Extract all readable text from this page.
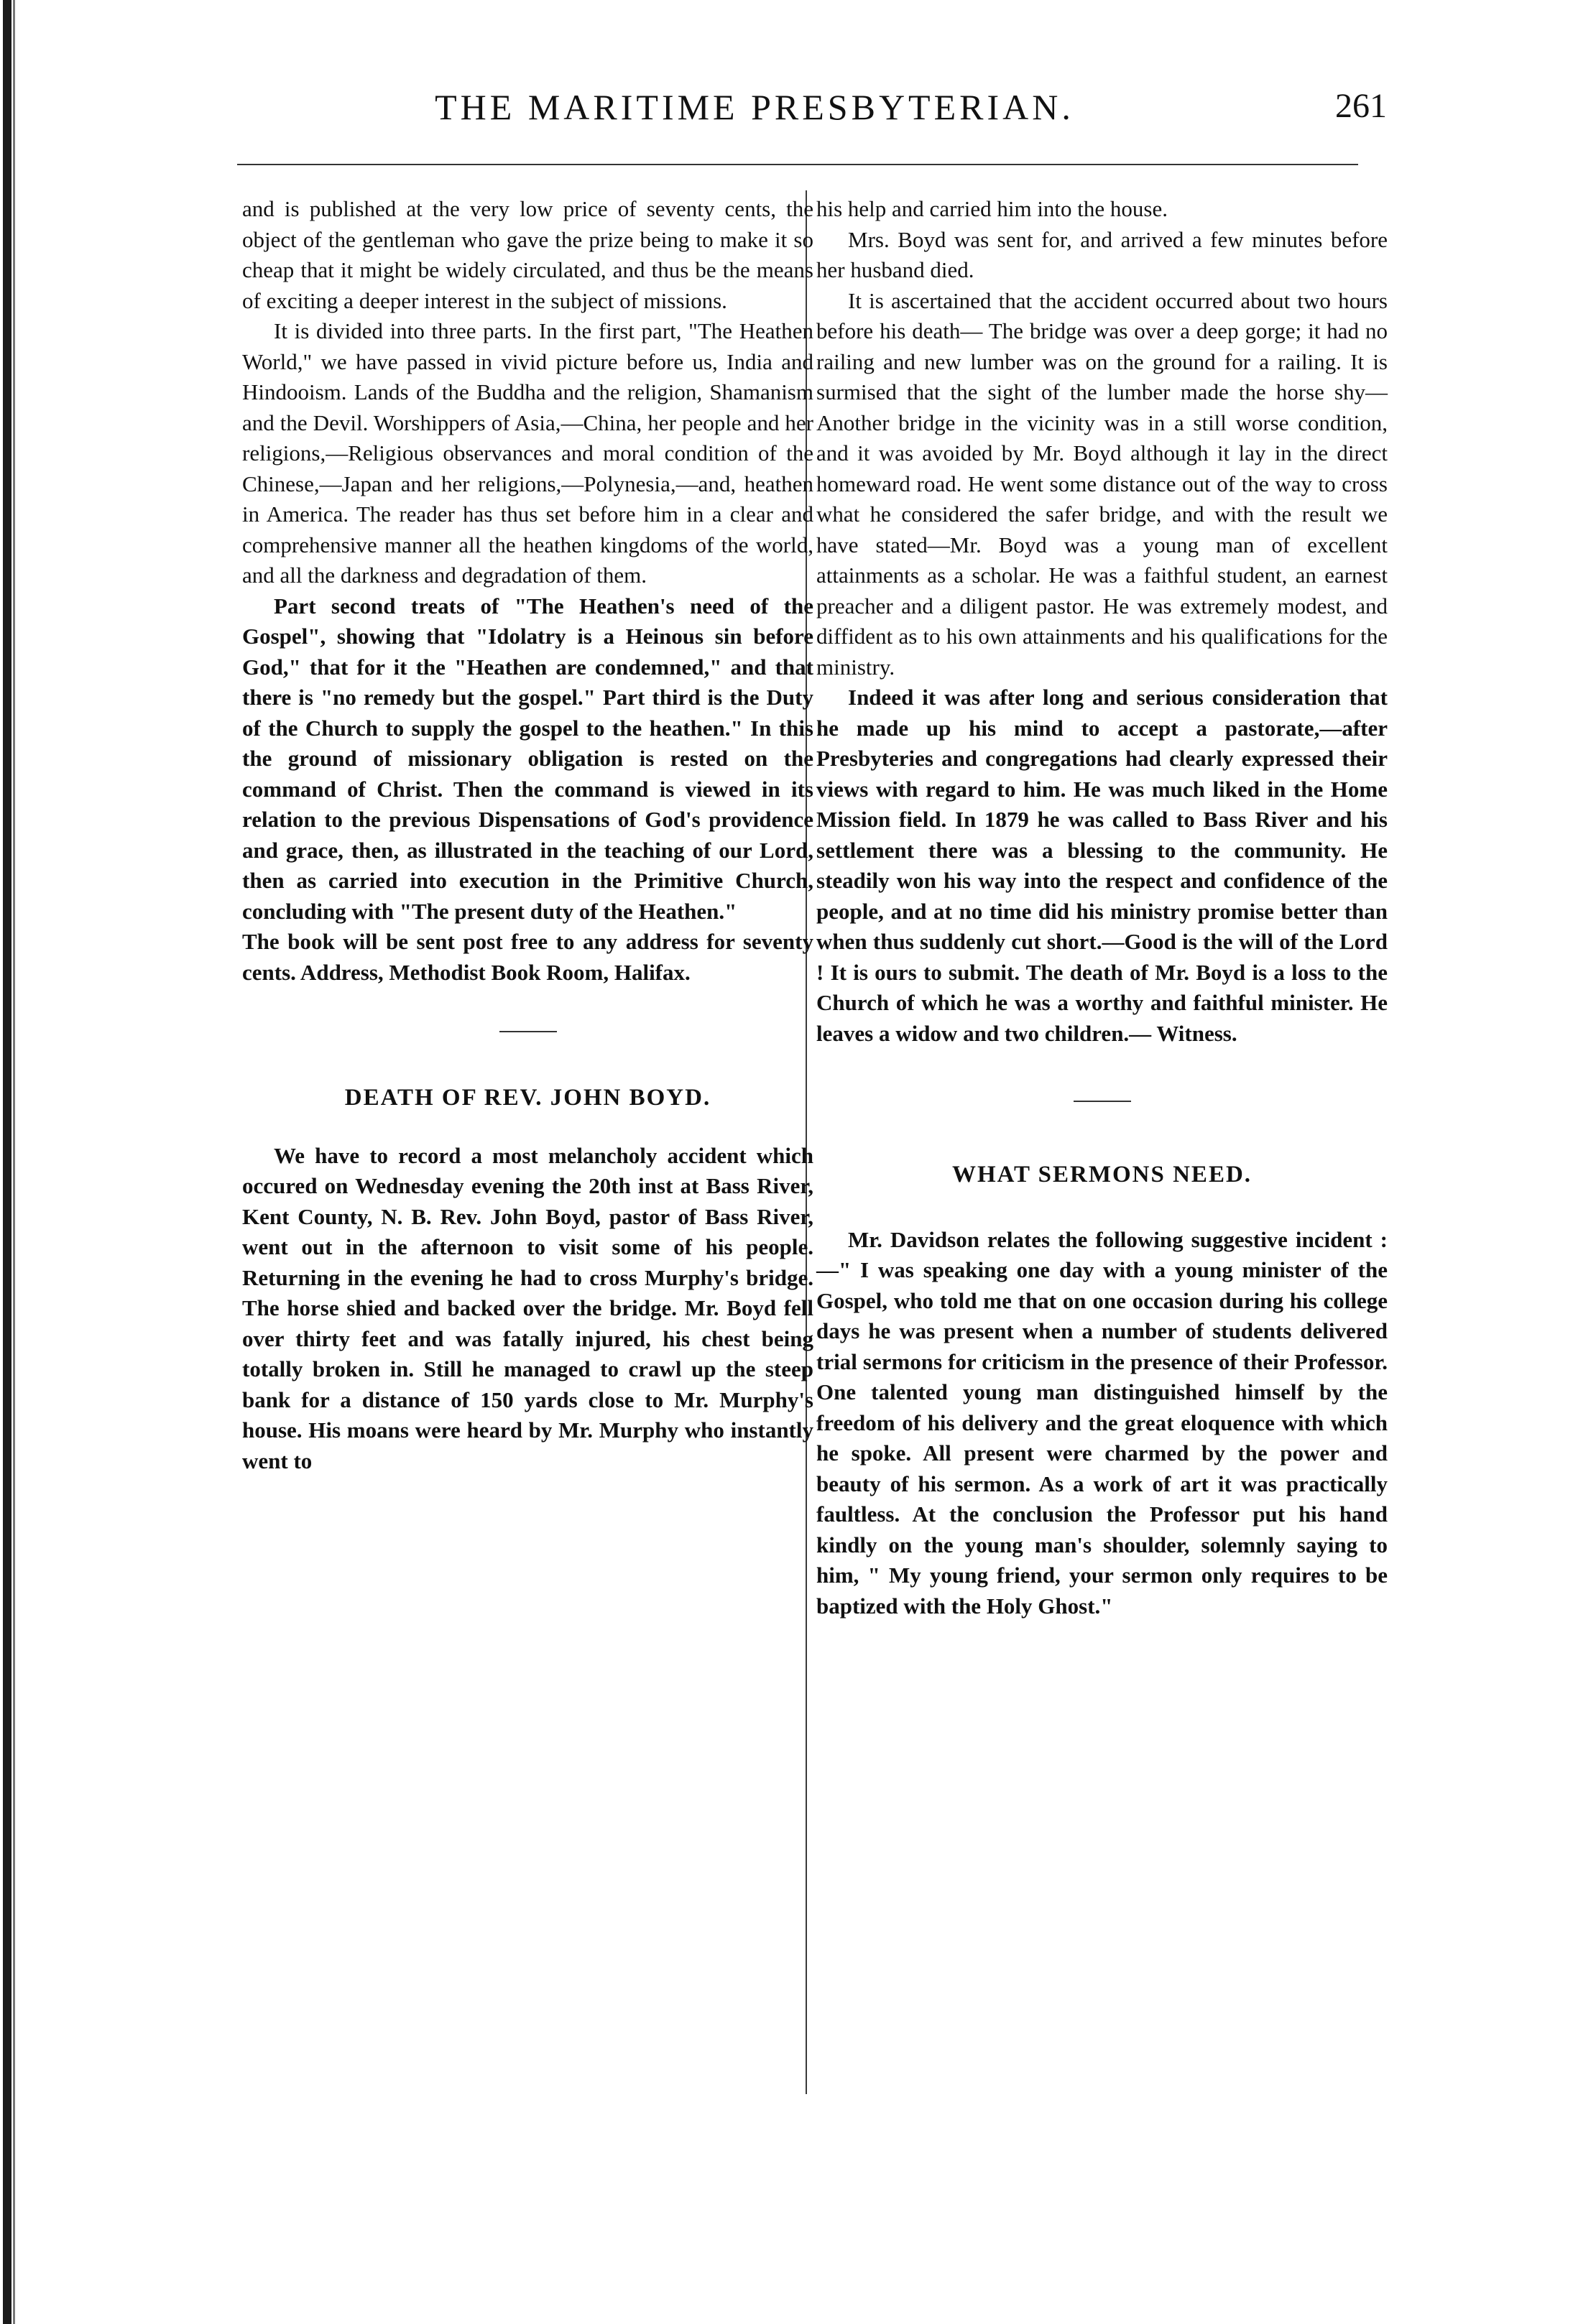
THE MARITIME PRESBYTERIAN.	261

and is published at the very low price of seventy cents, the object of the gentleman who gave the prize being to make it so cheap that it might be widely circulated, and thus be the means of exciting a deeper interest in the subject of missions.

It is divided into three parts. In the first part, "The Heathen World," we have passed in vivid picture before us, India and Hindooism. Lands of the Buddha and the religion, Shamanism and the Devil. Worshippers of Asia,—China, her people and her religions,—Religious observances and moral condition of the Chinese,—Japan and her religions,—Polynesia,—and, heathen in America. The reader has thus set before him in a clear and comprehensive manner all the heathen kingdoms of the world, and all the darkness and degradation of them.

Part second treats of "The Heathen's need of the Gospel", showing that "Idolatry is a Heinous sin before God," that for it the "Heathen are condemned," and that there is "no remedy but the gospel." Part third is the Duty of the Church to supply the gospel to the heathen." In this the ground of missionary obligation is rested on the command of Christ. Then the command is viewed in its relation to the previous Dispensations of God's providence and grace, then, as illustrated in the teaching of our Lord, then as carried into execution in the Primitive Church, concluding with "The present duty of the Heathen."

The book will be sent post free to any address for seventy cents. Address, Methodist Book Room, Halifax.

DEATH OF REV. JOHN BOYD.

We have to record a most melancholy accident which occured on Wednesday evening the 20th inst at Bass River, Kent County, N. B. Rev. John Boyd, pastor of Bass River, went out in the afternoon to visit some of his people. Returning in the evening he had to cross Murphy's bridge. The horse shied and backed over the bridge. Mr. Boyd fell over thirty feet and was fatally injured, his chest being totally broken in. Still he managed to crawl up the steep bank for a distance of 150 yards close to Mr. Murphy's house. His moans were heard by Mr. Murphy who instantly went to

his help and carried him into the house.

Mrs. Boyd was sent for, and arrived a few minutes before her husband died.

It is ascertained that the accident occurred about two hours before his death— The bridge was over a deep gorge; it had no railing and new lumber was on the ground for a railing. It is surmised that the sight of the lumber made the horse shy—Another bridge in the vicinity was in a still worse condition, and it was avoided by Mr. Boyd although it lay in the direct homeward road. He went some distance out of the way to cross what he considered the safer bridge, and with the result we have stated—Mr. Boyd was a young man of excellent attainments as a scholar. He was a faithful student, an earnest preacher and a diligent pastor. He was extremely modest, and diffident as to his own attainments and his qualifications for the ministry.

Indeed it was after long and serious consideration that he made up his mind to accept a pastorate,—after Presbyteries and congregations had clearly expressed their views with regard to him. He was much liked in the Home Mission field. In 1879 he was called to Bass River and his settlement there was a blessing to the community. He steadily won his way into the respect and confidence of the people, and at no time did his ministry promise better than when thus suddenly cut short.—Good is the will of the Lord ! It is ours to submit. The death of Mr. Boyd is a loss to the Church of which he was a worthy and faithful minister. He leaves a widow and two children.— Witness.

WHAT SERMONS NEED.

Mr. Davidson relates the following suggestive incident :—" I was speaking one day with a young minister of the Gospel, who told me that on one occasion during his college days he was present when a number of students delivered trial sermons for criticism in the presence of their Professor. One talented young man distinguished himself by the freedom of his delivery and the great eloquence with which he spoke. All present were charmed by the power and beauty of his sermon. As a work of art it was practically faultless. At the conclusion the Professor put his hand kindly on the young man's shoulder, solemnly saying to him, " My young friend, your sermon only requires to be baptized with the Holy Ghost."
